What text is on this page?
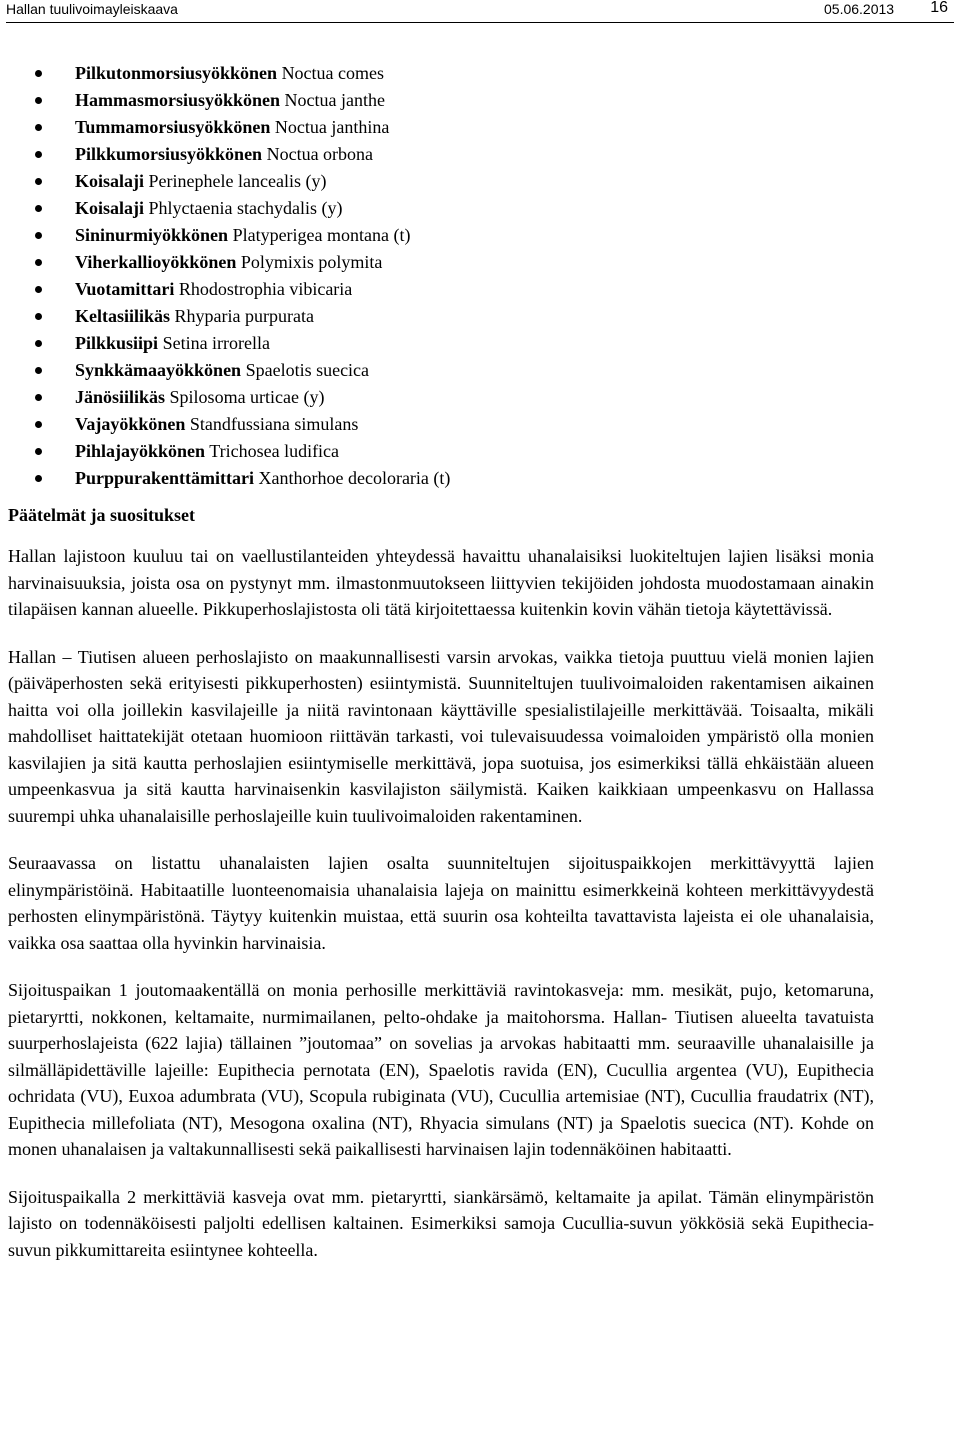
Hallan tuulivoimayleiskaava	05.06.2013 16
Pilkutonmorsiusyökkönen Noctua comes
Hammasmorsiusyökkönen Noctua janthe
Tummamorsiusyökkönen Noctua janthina
Pilkkumorsiusyökkönen Noctua orbona
Koisalaji Perinephele lancealis (y)
Koisalaji Phlyctaenia stachydalis (y)
Sininurmiyökkönen Platyperigea montana (t)
Viherkallioyökkönen Polymixis polymita
Vuotamittari Rhodostrophia vibicaria
Keltasiilikäs Rhyparia purpurata
Pilkkusiipi Setina irrorella
Synkkämaayökkönen Spaelotis suecica
Jänösiilikäs Spilosoma urticae (y)
Vajayökkönen Standfussiana simulans
Pihlajayökkönen Trichosea ludifica
Purppurakenttämittari Xanthorhoe decoloraria (t)
Päätelmät ja suositukset

Hallan lajistoon kuuluu tai on vaellustilanteiden yhteydessä havaittu uhanalaisiksi luokiteltujen lajien lisäksi monia harvinaisuuksia, joista osa on pystynyt mm. ilmastonmuutokseen liittyvien tekijöiden johdosta muodostamaan ainakin tilapäisen kannan alueelle. Pikkuperhoslajistosta oli tätä kirjoitettaessa kuitenkin kovin vähän tietoja käytettävissä.

Hallan – Tiutisen alueen perhoslajisto on maakunnallisesti varsin arvokas, vaikka tietoja puuttuu vielä monien lajien (päiväperhosten sekä erityisesti pikkuperhosten) esiintymistä. Suunniteltujen tuulivoimaloiden rakentamisen aikainen haitta voi olla joillekin kasvilajeille ja niitä ravintonaan käyttäville spesialistilajeille merkittävää. Toisaalta, mikäli mahdolliset haittatekijät otetaan huomioon riittävän tarkasti, voi tulevaisuudessa voimaloiden ympäristö olla monien kasvilajien ja sitä kautta perhoslajien esiintymiselle merkittävä, jopa suotuisa, jos esimerkiksi tällä ehkäistään alueen umpeenkasvua ja sitä kautta harvinaisenkin kasvilajiston säilymistä. Kaiken kaikkiaan umpeenkasvu on Hallassa suurempi uhka uhanalaisille perhoslajeille kuin tuulivoimaloiden rakentaminen.

Seuraavassa on listattu uhanalaisten lajien osalta suunniteltujen sijoituspaikkojen merkittävyyttä lajien elinympäristöinä. Habitaatille luonteenomaisia uhanalaisia lajeja on mainittu esimerkkeinä kohteen merkittävyydestä perhosten elinympäristönä. Täytyy kuitenkin muistaa, että suurin osa kohteilta tavattavista lajeista ei ole uhanalaisia, vaikka osa saattaa olla hyvinkin harvinaisia.

Sijoituspaikan 1 joutomaakentällä on monia perhosille merkittäviä ravintokasveja: mm. mesikät, pujo, ketomaruna, pietaryrtti, nokkonen, keltamaite, nurmimailanen, pelto-ohdake ja maitohorsma. Hallan- Tiutisen alueelta tavatuista suurperhoslajeista (622 lajia) tällainen ”joutomaa” on sovelias ja arvokas habitaatti mm. seuraaville uhanalaisille ja silmälläpidettäville lajeille: Eupithecia pernotata (EN), Spaelotis ravida (EN), Cucullia argentea (VU), Eupithecia ochridata (VU), Euxoa adumbrata (VU), Scopula rubiginata (VU), Cucullia artemisiae (NT), Cucullia fraudatrix (NT), Eupithecia millefoliata (NT), Mesogona oxalina (NT), Rhyacia simulans (NT) ja Spaelotis suecica (NT). Kohde on monen uhanalaisen ja valtakunnallisesti sekä paikallisesti harvinaisen lajin todennäköinen habitaatti.

Sijoituspaikalla 2 merkittäviä kasveja ovat mm. pietaryrtti, siankärsämö, keltamaite ja apilat. Tämän elinympäristön lajisto on todennäköisesti paljolti edellisen kaltainen. Esimerkiksi samoja Cucullia-suvun yökkösiä sekä Eupithecia- suvun pikkumittareita esiintynee kohteella.
